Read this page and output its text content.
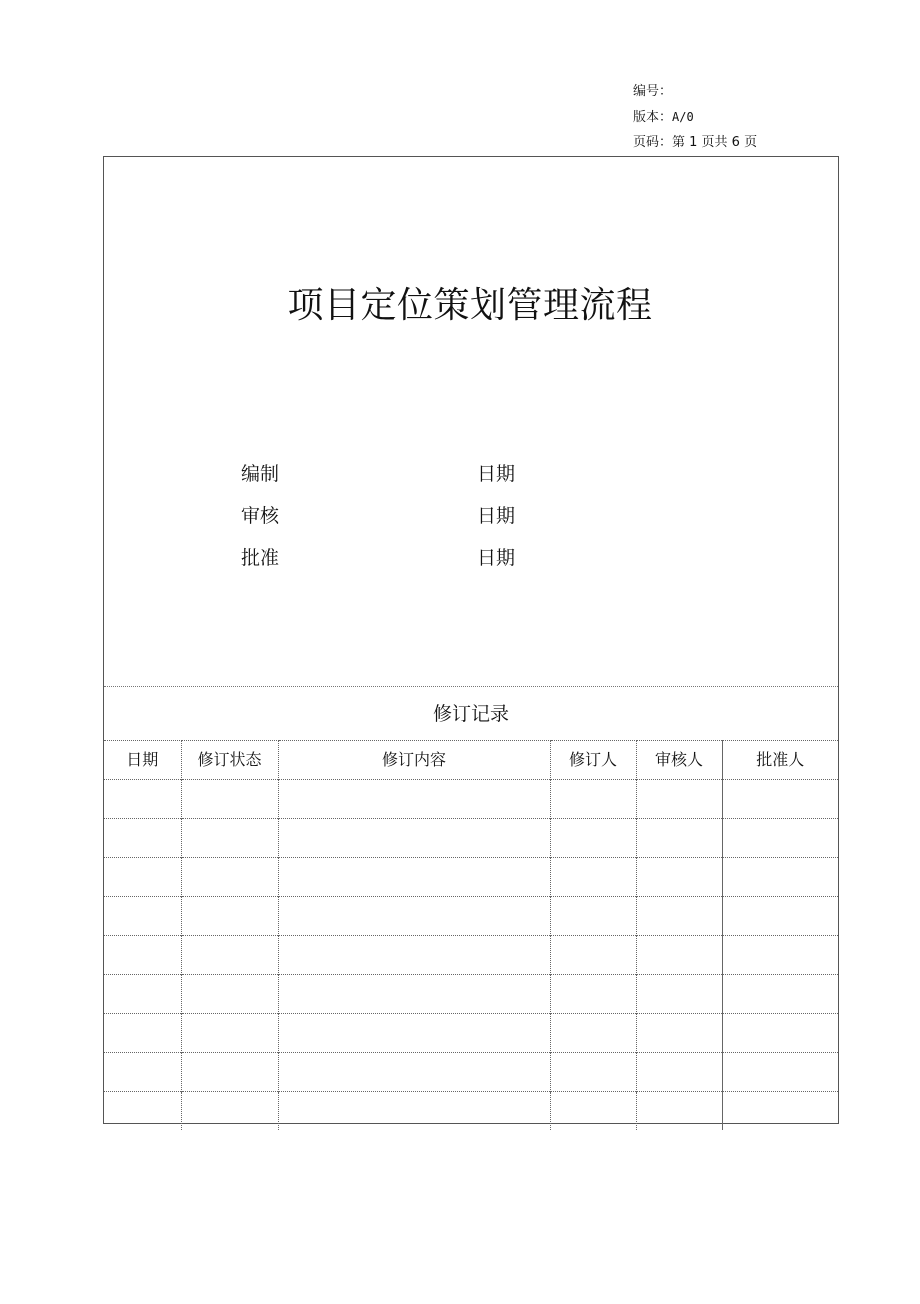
编号：
版本：A/0
页码：第 1 页共 6 页
项目定位策划管理流程
编制	日期
审核	日期
批准	日期
修订记录
日期	修订状态	修订内容	修订人	审核人	批准人
